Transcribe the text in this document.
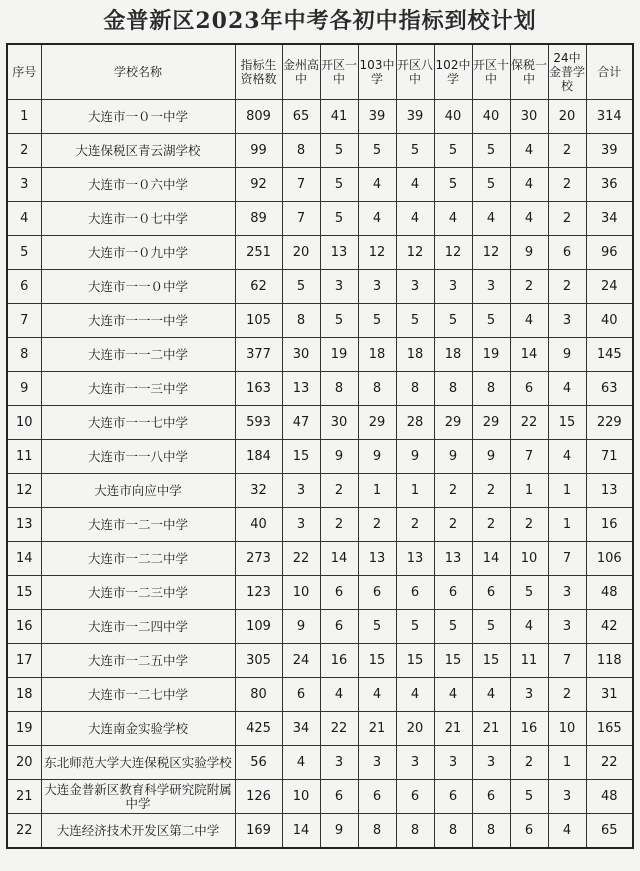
金普新区2023年中考各初中指标到校计划
序号	学校名称	指标生资格数	金州高中	开区一中	103中学	开区八中	102中学	开区十中	保税一中	24中金普学校	合计
1	大连市一０一中学	809	65	41	39	39	40	40	30	20	314
2	大连保税区青云湖学校	99	8	5	5	5	5	5	4	2	39
3	大连市一０六中学	92	7	5	4	4	5	5	4	2	36
4	大连市一０七中学	89	7	5	4	4	4	4	4	2	34
5	大连市一０九中学	251	20	13	12	12	12	12	9	6	96
6	大连市一一０中学	62	5	3	3	3	3	3	2	2	24
7	大连市一一一中学	105	8	5	5	5	5	5	4	3	40
8	大连市一一二中学	377	30	19	18	18	18	19	14	9	145
9	大连市一一三中学	163	13	8	8	8	8	8	6	4	63
10	大连市一一七中学	593	47	30	29	28	29	29	22	15	229
11	大连市一一八中学	184	15	9	9	9	9	9	7	4	71
12	大连市向应中学	32	3	2	1	1	2	2	1	1	13
13	大连市一二一中学	40	3	2	2	2	2	2	2	1	16
14	大连市一二二中学	273	22	14	13	13	13	14	10	7	106
15	大连市一二三中学	123	10	6	6	6	6	6	5	3	48
16	大连市一二四中学	109	9	6	5	5	5	5	4	3	42
17	大连市一二五中学	305	24	16	15	15	15	15	11	7	118
18	大连市一二七中学	80	6	4	4	4	4	4	3	2	31
19	大连南金实验学校	425	34	22	21	20	21	21	16	10	165
20	东北师范大学大连保税区实验学校	56	4	3	3	3	3	3	2	1	22
21	大连金普新区教育科学研究院附属中学	126	10	6	6	6	6	6	5	3	48
22	大连经济技术开发区第二中学	169	14	9	8	8	8	8	6	4	65
